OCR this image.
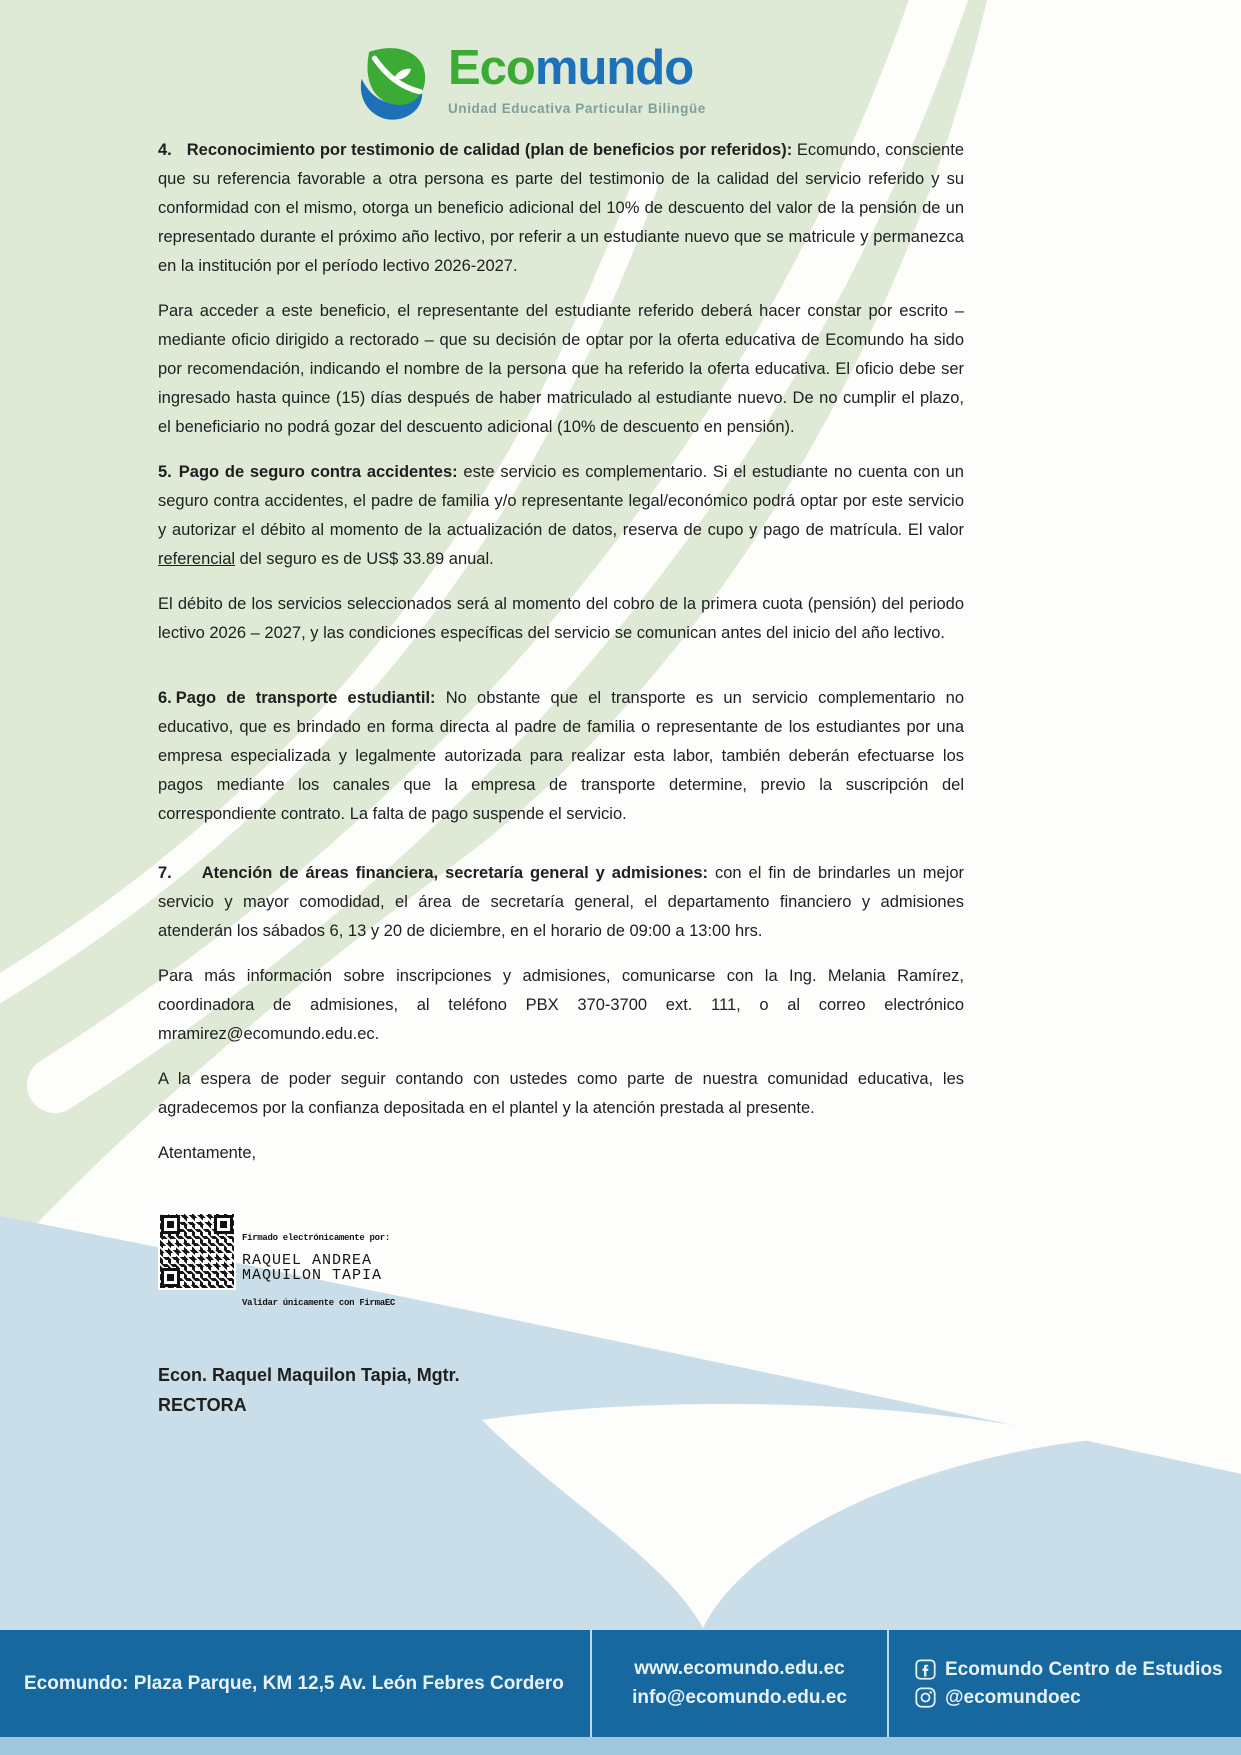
Ecomundo
Unidad Educativa Particular Bilingüe

4. Reconocimiento por testimonio de calidad (plan de beneficios por referidos): Ecomundo, consciente que su referencia favorable a otra persona es parte del testimonio de la calidad del servicio referido y su conformidad con el mismo, otorga un beneficio adicional del 10% de descuento del valor de la pensión de un representado durante el próximo año lectivo, por referir a un estudiante nuevo que se matricule y permanezca en la institución por el período lectivo 2026-2027.

Para acceder a este beneficio, el representante del estudiante referido deberá hacer constar por escrito – mediante oficio dirigido a rectorado – que su decisión de optar por la oferta educativa de Ecomundo ha sido por recomendación, indicando el nombre de la persona que ha referido la oferta educativa. El oficio debe ser ingresado hasta quince (15) días después de haber matriculado al estudiante nuevo. De no cumplir el plazo, el beneficiario no podrá gozar del descuento adicional (10% de descuento en pensión).

5. Pago de seguro contra accidentes: este servicio es complementario. Si el estudiante no cuenta con un seguro contra accidentes, el padre de familia y/o representante legal/económico podrá optar por este servicio y autorizar el débito al momento de la actualización de datos, reserva de cupo y pago de matrícula. El valor referencial del seguro es de US$ 33.89 anual.

El débito de los servicios seleccionados será al momento del cobro de la primera cuota (pensión) del periodo lectivo 2026 – 2027, y las condiciones específicas del servicio se comunican antes del inicio del año lectivo.

6. Pago de transporte estudiantil: No obstante que el transporte es un servicio complementario no educativo, que es brindado en forma directa al padre de familia o representante de los estudiantes por una empresa especializada y legalmente autorizada para realizar esta labor, también deberán efectuarse los pagos mediante los canales que la empresa de transporte determine, previo la suscripción del correspondiente contrato. La falta de pago suspende el servicio.

7. Atención de áreas financiera, secretaría general y admisiones: con el fin de brindarles un mejor servicio y mayor comodidad, el área de secretaría general, el departamento financiero y admisiones atenderán los sábados 6, 13 y 20 de diciembre, en el horario de 09:00 a 13:00 hrs.

Para más información sobre inscripciones y admisiones, comunicarse con la Ing. Melania Ramírez, coordinadora de admisiones, al teléfono PBX 370-3700 ext. 111, o al correo electrónico mramirez@ecomundo.edu.ec.

A la espera de poder seguir contando con ustedes como parte de nuestra comunidad educativa, les agradecemos por la confianza depositada en el plantel y la atención prestada al presente.

Atentamente,

Firmado electrónicamente por:
RAQUEL ANDREA
MAQUILON TAPIA
Validar únicamente con FirmaEC
Econ. Raquel Maquilon Tapia, Mgtr.
RECTORA
Ecomundo: Plaza Parque, KM 12,5 Av. León Febres Cordero
www.ecomundo.edu.ec
info@ecomundo.edu.ec
Ecomundo Centro de Estudios
@ecomundoec
